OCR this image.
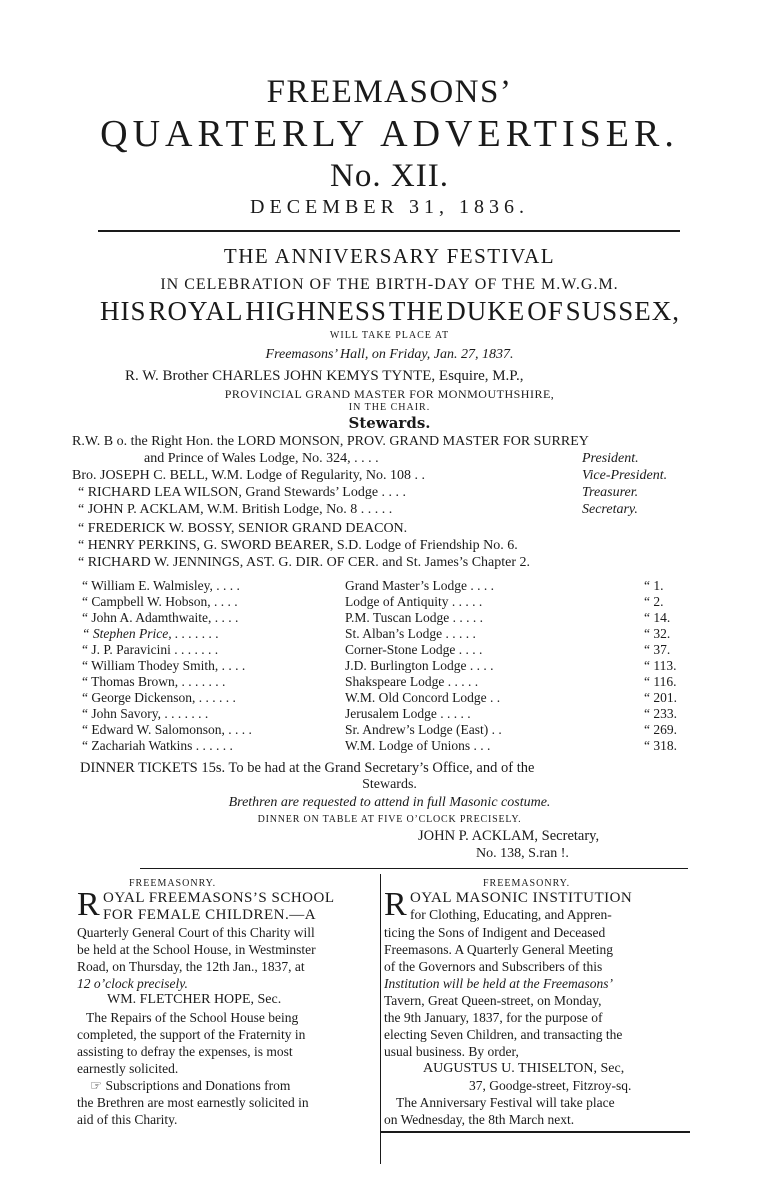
FREEMASONS’
QUARTERLY ADVERTISER.
No. XII.
DECEMBER 31, 1836.
THE ANNIVERSARY FESTIVAL
IN CELEBRATION OF THE BIRTH-DAY OF THE M.W.G.M.
HIS ROYAL HIGHNESS THE DUKE OF SUSSEX,
WILL TAKE PLACE AT
Freemasons’ Hall, on Friday, Jan. 27, 1837.
R. W. Brother CHARLES JOHN KEMYS TYNTE, Esquire, M.P.,
PROVINCIAL GRAND MASTER FOR MONMOUTHSHIRE,
IN THE CHAIR.
Stewards.
R.W. B o. the Right Hon. the LORD MONSON, PROV. GRAND MASTER FOR SURREY
and Prince of Wales Lodge, No. 324, . . . .	President.
Bro. JOSEPH C. BELL, W.M. Lodge of Regularity, No. 108 . .	Vice-President.
“ RICHARD LEA WILSON, Grand Stewards’ Lodge . . . .	Treasurer.
“ JOHN P. ACKLAM, W.M. British Lodge, No. 8 . . . . .	Secretary.
“ FREDERICK W. BOSSY, SENIOR GRAND DEACON.
“ HENRY PERKINS, G. SWORD BEARER, S.D. Lodge of Friendship No. 6.
“ RICHARD W. JENNINGS, AST. G. DIR. OF CER. and St. James’s Chapter 2.
“ William E. Walmisley, . . . .	Grand Master’s Lodge . . . .	“ 1.
“ Campbell W. Hobson, . . . .	Lodge of Antiquity . . . . .	“ 2.
“ John A. Adamthwaite, . . . .	P.M. Tuscan Lodge . . . . .	“ 14.
“ Stephen Price, . . . . . . .	St. Alban’s Lodge . . . . .	“ 32.
“ J. P. Paravicini . . . . . . .	Corner-Stone Lodge . . . .	“ 37.
“ William Thodey Smith, . . . .	J.D. Burlington Lodge . . . .	“ 113.
“ Thomas Brown, . . . . . . .	Shakspeare Lodge . . . . .	“ 116.
“ George Dickenson, . . . . . .	W.M. Old Concord Lodge . .	“ 201.
“ John Savory, . . . . . . .	Jerusalem Lodge . . . . .	“ 233.
“ Edward W. Salomonson, . . . .	Sr. Andrew’s Lodge (East) . .	“ 269.
“ Zachariah Watkins . . . . . .	W.M. Lodge of Unions . . .	“ 318.
DINNER TICKETS 15s. To be had at the Grand Secretary’s Office, and of the
Stewards.
Brethren are requested to attend in full Masonic costume.
DINNER ON TABLE AT FIVE O’CLOCK PRECISELY.
JOHN P. ACKLAM, Secretary,
No. 138, S.ran !.
FREEMASONRY.
R OYAL FREEMASONS’S SCHOOL
FOR FEMALE CHILDREN.—A
Quarterly General Court of this Charity will
be held at the School House, in Westminster
Road, on Thursday, the 12th Jan., 1837, at
12 o’clock precisely.
WM. FLETCHER HOPE, Sec.
The Repairs of the School House being
completed, the support of the Fraternity in
assisting to defray the expenses, is most
earnestly solicited.
☞ Subscriptions and Donations from
the Brethren are most earnestly solicited in
aid of this Charity.
FREEMASONRY.
R OYAL MASONIC INSTITUTION
for Clothing, Educating, and Appren-
ticing the Sons of Indigent and Deceased
Freemasons. A Quarterly General Meeting
of the Governors and Subscribers of this
Institution will be held at the Freemasons’
Tavern, Great Queen-street, on Monday,
the 9th January, 1837, for the purpose of
electing Seven Children, and transacting the
usual business. By order,
AUGUSTUS U. THISELTON, Sec,
37, Goodge-street, Fitzroy-sq.
The Anniversary Festival will take place
on Wednesday, the 8th March next.
